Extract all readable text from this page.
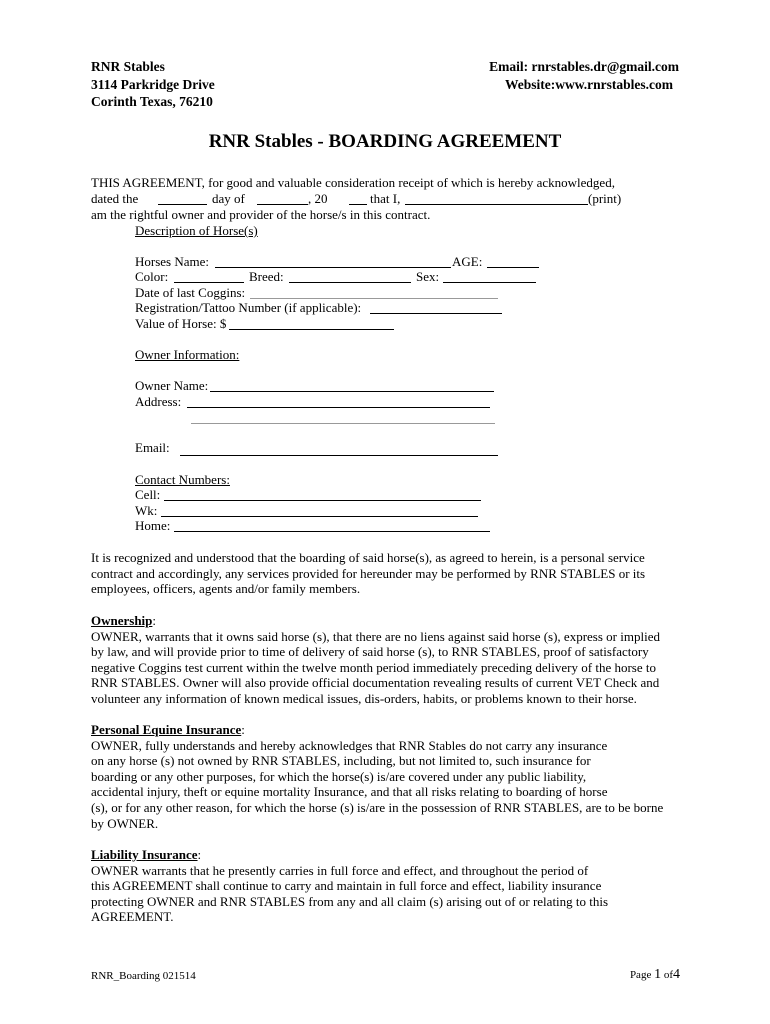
RNR Stables
3114 Parkridge Drive
Corinth Texas, 76210
Email: rnrstables.dr@gmail.com
Website:www.rnrstables.com
RNR Stables - BOARDING AGREEMENT
THIS AGREEMENT, for good and valuable consideration receipt of which is hereby acknowledged,
dated the	day of	, 20	that I,	(print)
am the rightful owner and provider of the horse/s in this contract.
Description of Horse(s)
Horses Name:	AGE:
Color:	Breed:	Sex:
Date of last Coggins:
Registration/Tattoo Number (if applicable):
Value of Horse: $
Owner Information:
Owner Name:
Address:
Email:
Contact Numbers:
Cell:
Wk:
Home:
It is recognized and understood that the boarding of said horse(s), as agreed to herein, is a personal service
contract and accordingly, any services provided for hereunder may be performed by RNR STABLES or its
employees, officers, agents and/or family members.
Ownership:
OWNER, warrants that it owns said horse (s), that there are no liens against said horse (s), express or implied
by law, and will provide prior to time of delivery of said horse (s), to RNR STABLES, proof of satisfactory
negative Coggins test current within the twelve month period immediately preceding delivery of the horse to
RNR STABLES. Owner will also provide official documentation revealing results of current VET Check and
volunteer any information of known medical issues, dis-orders, habits, or problems known to their horse.
Personal Equine Insurance:
OWNER, fully understands and hereby acknowledges that RNR Stables do not carry any insurance
on any horse (s) not owned by RNR STABLES, including, but not limited to, such insurance for
boarding or any other purposes, for which the horse(s) is/are covered under any public liability,
accidental injury, theft or equine mortality Insurance, and that all risks relating to boarding of horse
(s), or for any other reason, for which the horse (s) is/are in the possession of RNR STABLES, are to be borne
by OWNER.
Liability Insurance:
OWNER warrants that he presently carries in full force and effect, and throughout the period of
this AGREEMENT shall continue to carry and maintain in full force and effect, liability insurance
protecting OWNER and RNR STABLES from any and all claim (s) arising out of or relating to this
AGREEMENT.
RNR_Boarding 021514	Page 1 of4
